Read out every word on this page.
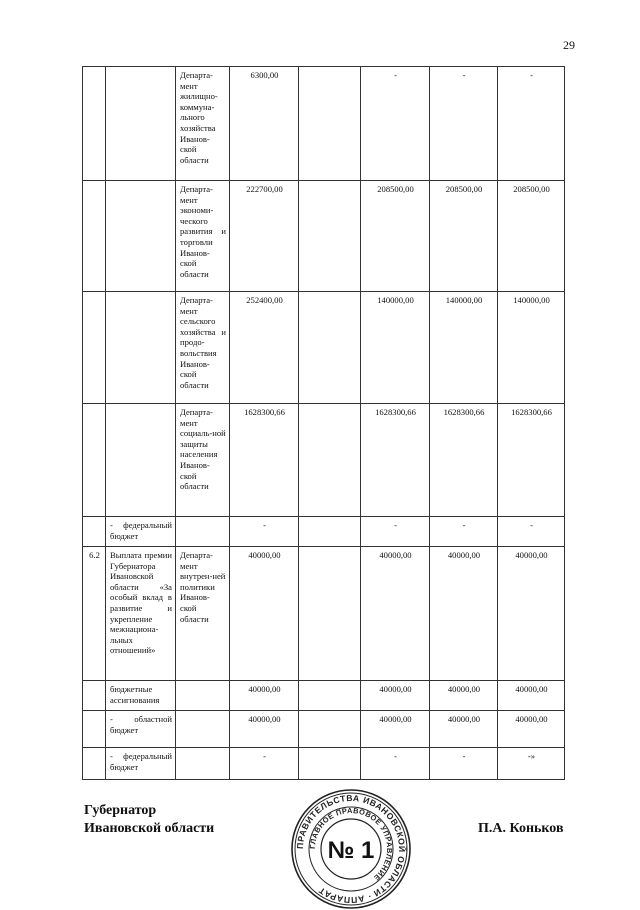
29
		Департа-мент жилищно-коммуна-льного хозяйства Иванов-ской области	6300,00		-	-	-
		Департа-мент экономи-ческого развития и торговли Иванов-ской области	222700,00		208500,00	208500,00	208500,00
		Департа-мент сельского хозяйства и продо-вольствия Иванов-ской области	252400,00		140000,00	140000,00	140000,00
		Департа-мент социаль-ной защиты населения Иванов-ской области	1628300,66		1628300,66	1628300,66	1628300,66
	- федеральный бюджет		-		-	-	-
6.2	Выплата премии Губернатора Ивановской области «За особый вклад в развитие и укрепление межнациона-льных отношений»	Департа-мент внутрен-ней политики Иванов-ской области	40000,00		40000,00	40000,00	40000,00
	бюджетные ассигнования		40000,00		40000,00	40000,00	40000,00
	- областной бюджет		40000,00		40000,00	40000,00	40000,00
	- федеральный бюджет		-		-	-	-»
Губернатор
Ивановской области	П.А. Коньков
ПРАВИТЕЛЬСТВА ИВАНОВСКОЙ ОБЛАСТИ · АППАРАТ
ГЛАВНОЕ ПРАВОВОЕ УПРАВЛЕНИЕ
№ 1
